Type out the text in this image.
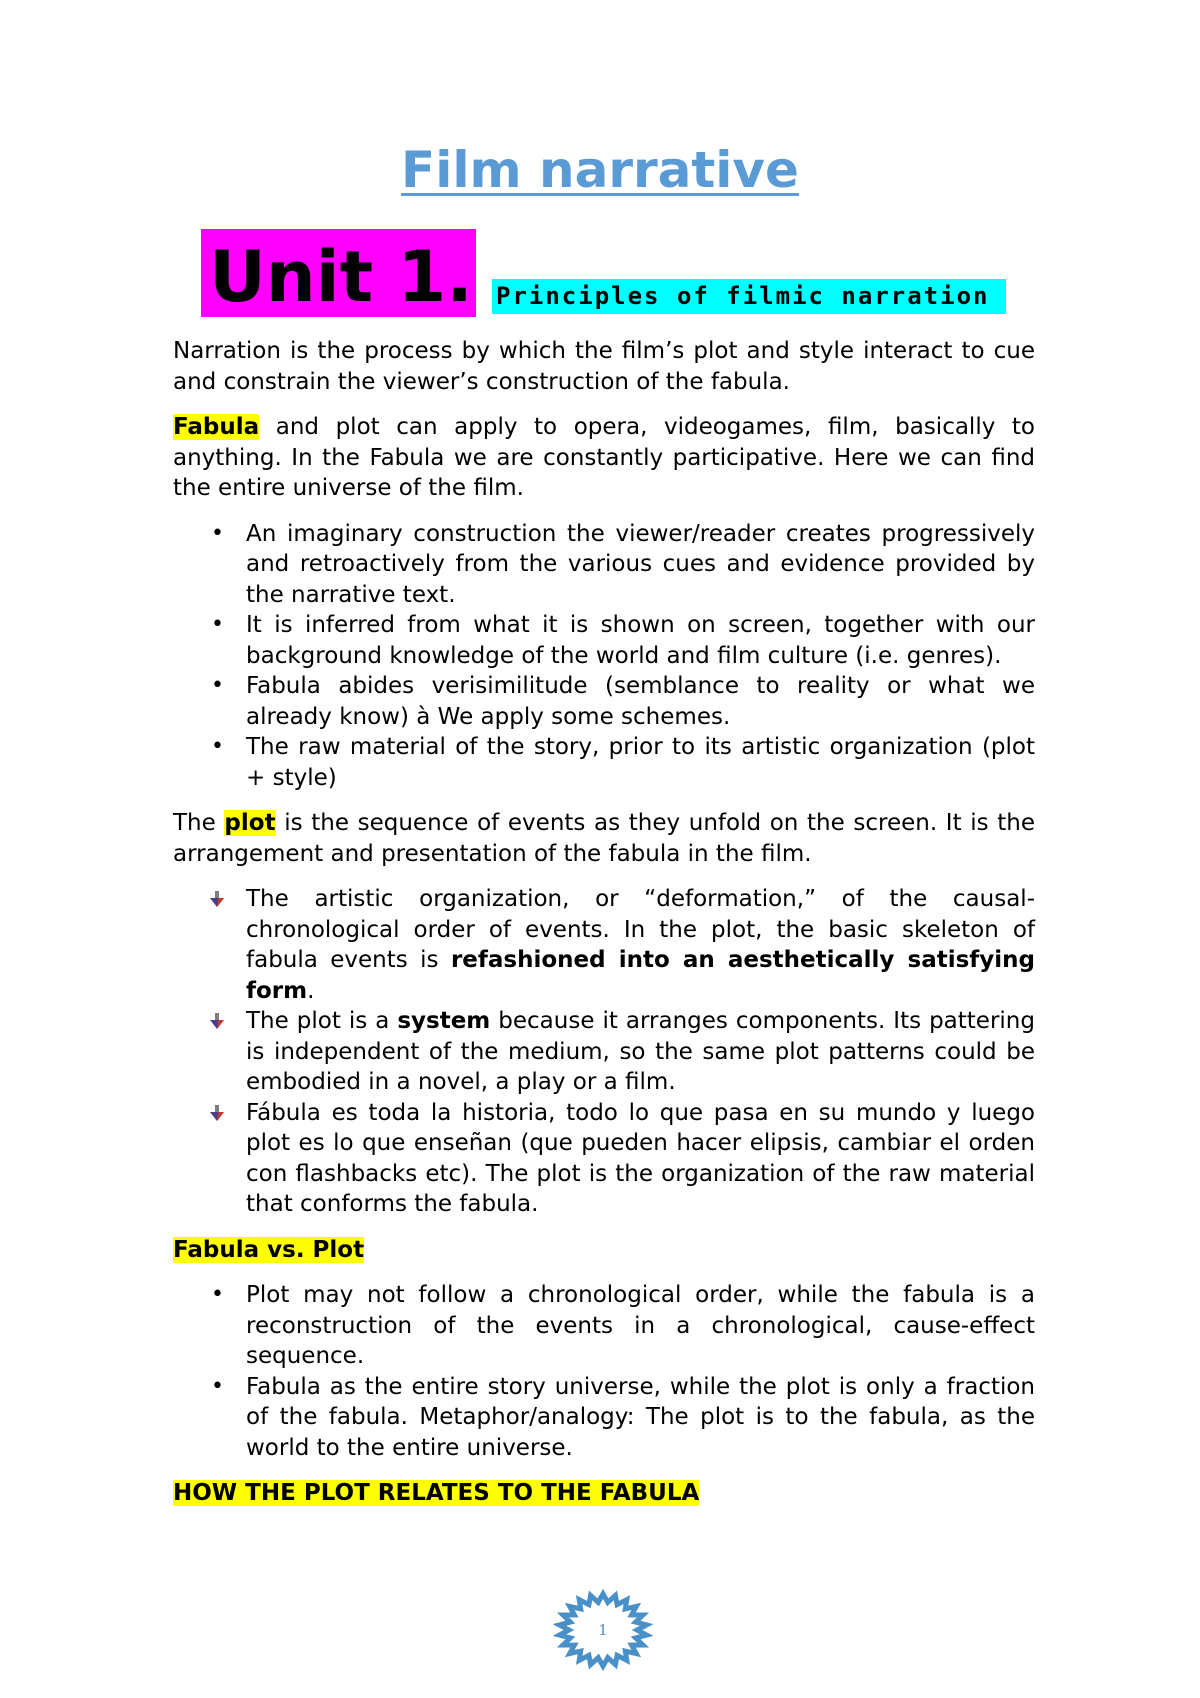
Film narrative
Unit 1. Principles of filmic narration

Narration is the process by which the film’s plot and style interact to cue and constrain the viewer’s construction of the fabula.

Fabula and plot can apply to opera, videogames, film, basically to anything. In the Fabula we are constantly participative. Here we can find the entire universe of the film.

• An imaginary construction the viewer/reader creates progressively and retroactively from the various cues and evidence provided by the narrative text.
• It is inferred from what it is shown on screen, together with our background knowledge of the world and film culture (i.e. genres).
• Fabula abides verisimilitude (semblance to reality or what we already know) à We apply some schemes.
• The raw material of the story, prior to its artistic organization (plot + style)

The plot is the sequence of events as they unfold on the screen. It is the arrangement and presentation of the fabula in the film.

The artistic organization, or “deformation,” of the causal-chronological order of events. In the plot, the basic skeleton of fabula events is refashioned into an aesthetically satisfying form.
The plot is a system because it arranges components. Its pattering is independent of the medium, so the same plot patterns could be embodied in a novel, a play or a film.
Fábula es toda la historia, todo lo que pasa en su mundo y luego plot es lo que enseñan (que pueden hacer elipsis, cambiar el orden con flashbacks etc). The plot is the organization of the raw material that conforms the fabula.

Fabula vs. Plot

• Plot may not follow a chronological order, while the fabula is a reconstruction of the events in a chronological, cause-effect sequence.
• Fabula as the entire story universe, while the plot is only a fraction of the fabula. Metaphor/analogy: The plot is to the fabula, as the world to the entire universe.

HOW THE PLOT RELATES TO THE FABULA

1
